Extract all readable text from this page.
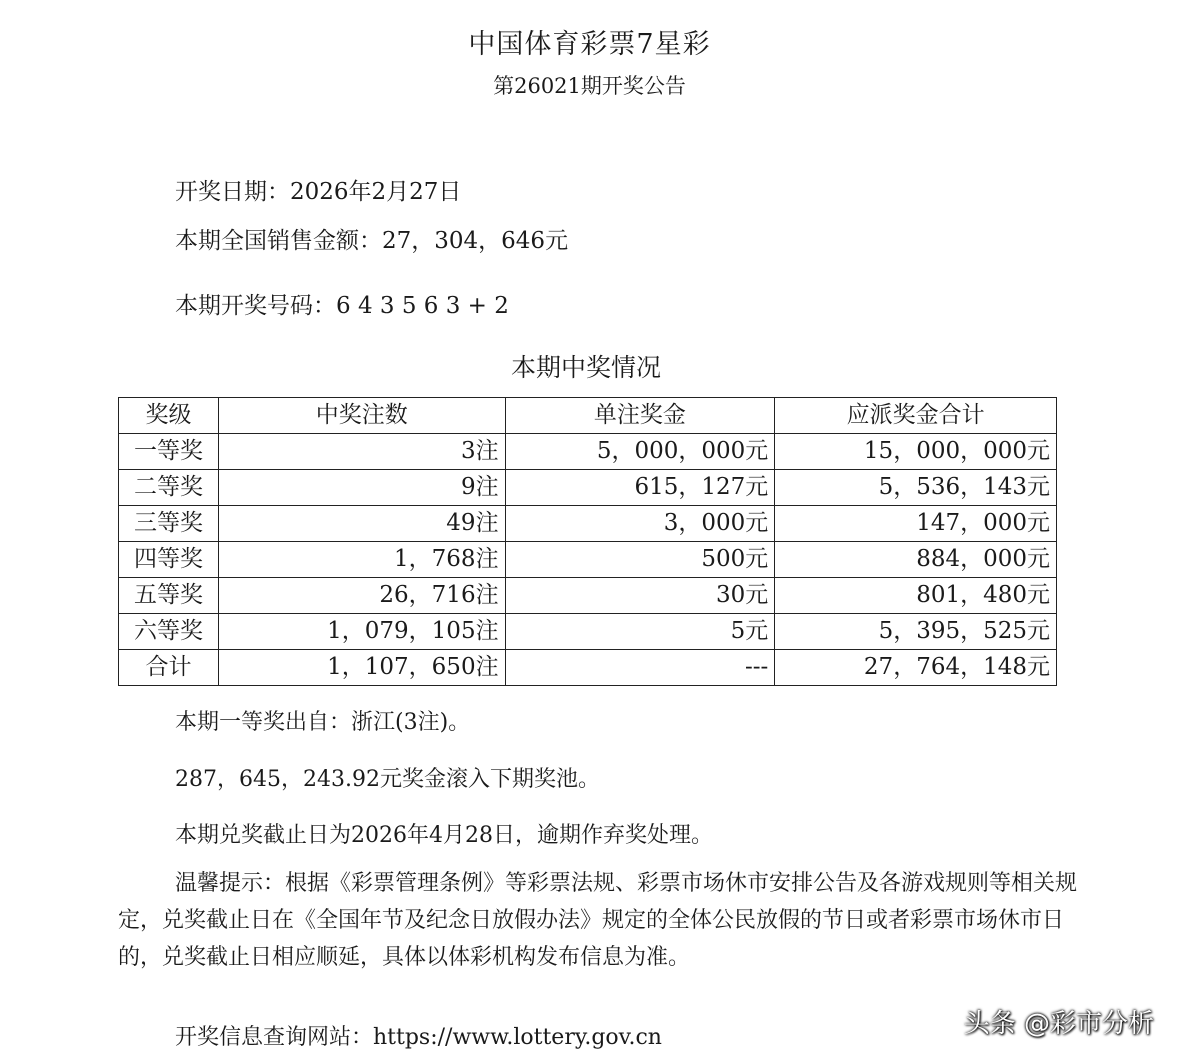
中国体育彩票7星彩
第26021期开奖公告
开奖日期：2026年2月27日
本期全国销售金额：27，304，646元
本期开奖号码：6 4 3 5 6 3 + 2
本期中奖情况
奖级	中奖注数	单注奖金	应派奖金合计
一等奖	3注	5，000，000元	15，000，000元
二等奖	9注	615，127元	5，536，143元
三等奖	49注	3，000元	147，000元
四等奖	1，768注	500元	884，000元
五等奖	26，716注	30元	801，480元
六等奖	1，079，105注	5元	5，395，525元
合计	1，107，650注	---	27，764，148元
本期一等奖出自：浙江(3注)。
287，645，243.92元奖金滚入下期奖池。
本期兑奖截止日为2026年4月28日，逾期作弃奖处理。
温馨提示：根据《彩票管理条例》等彩票法规、彩票市场休市安排公告及各游戏规则等相关规定，兑奖截止日在《全国年节及纪念日放假办法》规定的全体公民放假的节日或者彩票市场休市日的，兑奖截止日相应顺延，具体以体彩机构发布信息为准。
开奖信息查询网站：https://www.lottery.gov.cn	头条 @彩市分析
